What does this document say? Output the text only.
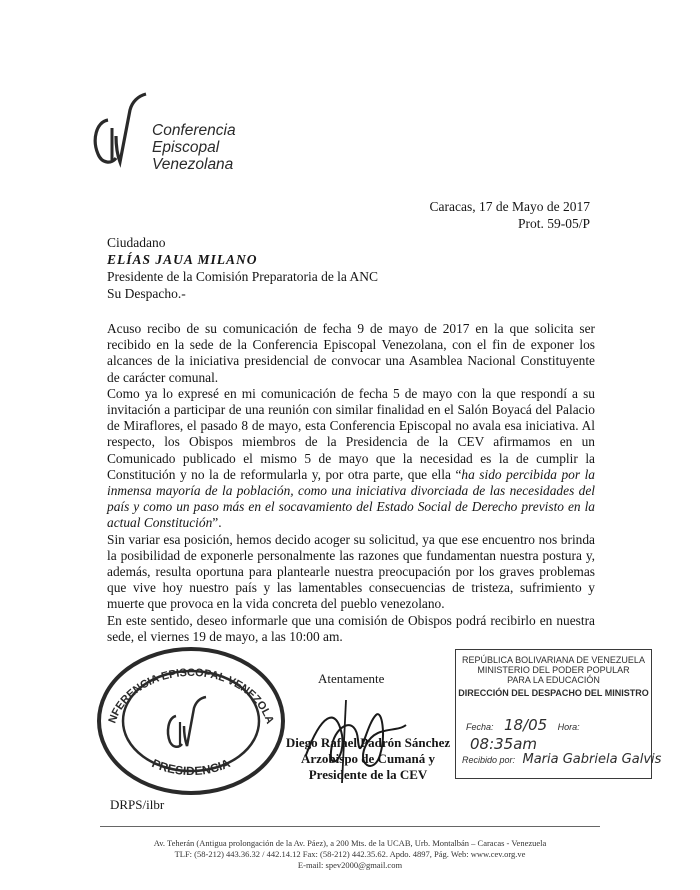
Conferencia
Episcopal
Venezolana
Caracas, 17 de Mayo de 2017
Prot. 59-05/P
Ciudadano
ELÍAS JAUA MILANO
Presidente de la Comisión Preparatoria de la ANC
Su Despacho.-

Acuso recibo de su comunicación de fecha 9 de mayo de 2017 en la que solicita ser recibido en la sede de la Conferencia Episcopal Venezolana, con el fin de exponer los alcances de la iniciativa presidencial de convocar una Asamblea Nacional Constituyente de carácter comunal.

Como ya lo expresé en mi comunicación de fecha 5 de mayo con la que respondí a su invitación a participar de una reunión con similar finalidad en el Salón Boyacá del Palacio de Miraflores, el pasado 8 de mayo, esta Conferencia Episcopal no avala esa iniciativa. Al respecto, los Obispos miembros de la Presidencia de la CEV afirmamos en un Comunicado publicado el mismo 5 de mayo que la necesidad es la de cumplir la Constitución y no la de reformularla y, por otra parte, que ella “ha sido percibida por la inmensa mayoría de la población, como una iniciativa divorciada de las necesidades del país y como un paso más en el socavamiento del Estado Social de Derecho previsto en la actual Constitución”.

Sin variar esa posición, hemos decido acoger su solicitud, ya que ese encuentro nos brinda la posibilidad de exponerle personalmente las razones que fundamentan nuestra postura y, además, resulta oportuna para plantearle nuestra preocupación por los graves problemas que vive hoy nuestro país y las lamentables consecuencias de tristeza, sufrimiento y muerte que provoca en la vida concreta del pueblo venezolano.

En este sentido, deseo informarle que una comisión de Obispos podrá recibirlo en nuestra sede, el viernes 19 de mayo, a las 10:00 am.

NFERENCIA EPISCOPAL VENEZOLA
PRESIDENCIA
Atentamente
Diego Rafael Padrón Sánchez
Arzobispo de Cumaná y
Presidente de la CEV
REPÚBLICA BOLIVARIANA DE VENEZUELA
MINISTERIO DEL PODER POPULAR
PARA LA EDUCACIÓN
DIRECCIÓN DEL DESPACHO DEL MINISTRO
Fecha: 18/05 Hora: 08:35am
Recibido por: Maria Gabriela Galvis
DRPS/ilbr
Av. Teherán (Antigua prolongación de la Av. Páez), a 200 Mts. de la UCAB, Urb. Montalbán – Caracas - Venezuela
TLF: (58-212) 443.36.32 / 442.14.12 Fax: (58-212) 442.35.62. Apdo. 4897, Pág. Web: www.cev.org.ve
E-mail: spev2000@gmail.com
